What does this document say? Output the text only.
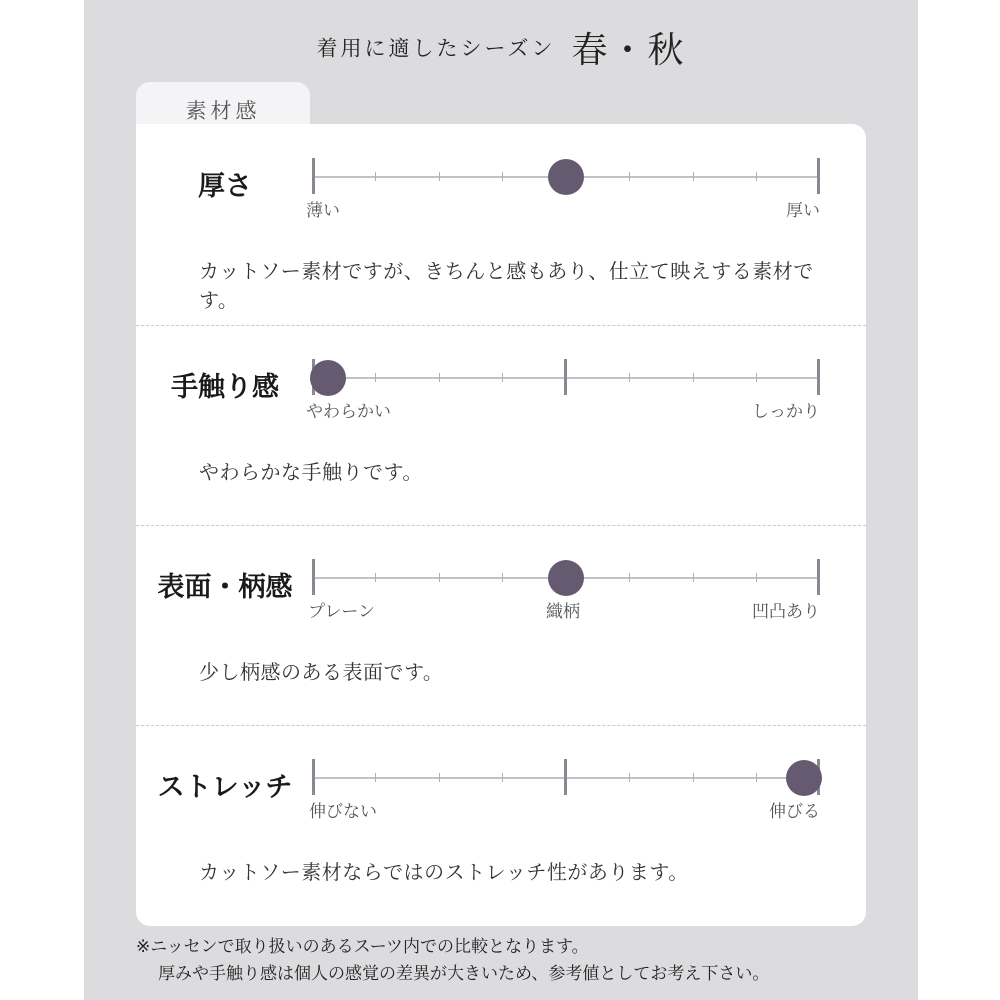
着用に適したシーズン 春・秋
素材感
厚さ
薄い	厚い
カットソー素材ですが、きちんと感もあり、仕立て映えする素材です。
手触り感
やわらかい	しっかり
やわらかな手触りです。
表面・柄感
プレーン	織柄	凹凸あり
少し柄感のある表面です。
ストレッチ
伸びない	伸びる
カットソー素材ならではのストレッチ性があります。
※ニッセンで取り扱いのあるスーツ内での比較となります。
厚みや手触り感は個人の感覚の差異が大きいため、参考値としてお考え下さい。
